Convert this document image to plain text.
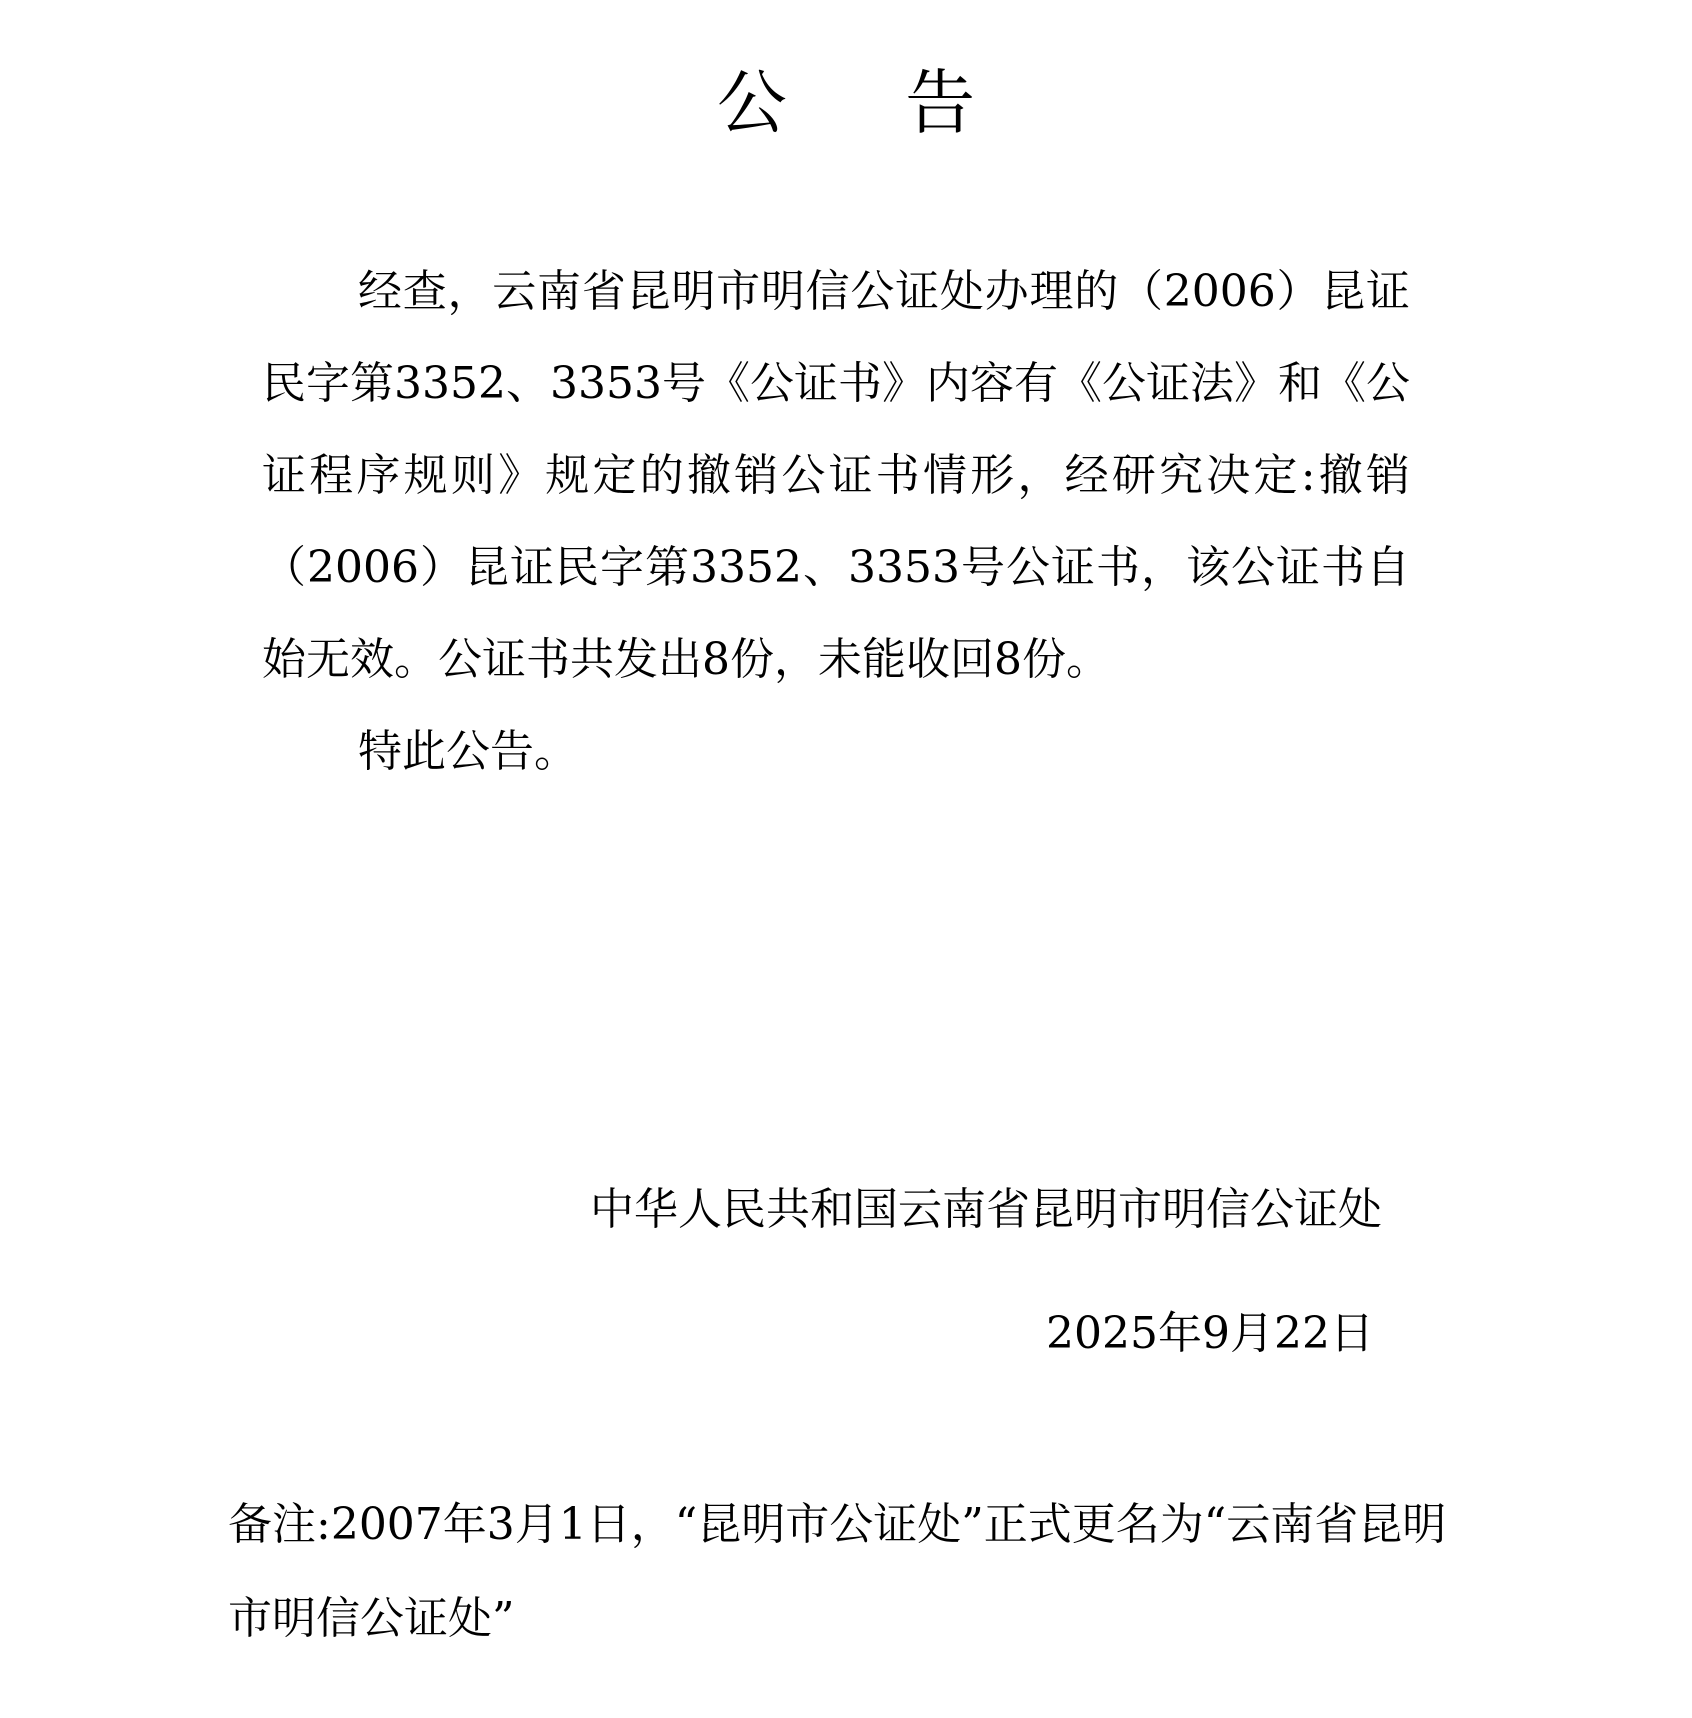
公 告

经查，云南省昆明市明信公证处办理的（2006）昆证民字第3352、3353号《公证书》内容有《公证法》和《公证程序规则》规定的撤销公证书情形，经研究决定:撤销（2006）昆证民字第3352、3353号公证书，该公证书自始无效。公证书共发出8份，未能收回8份。

特此公告。

中华人民共和国云南省昆明市明信公证处
2025年9月22日
备注:2007年3月1日，“昆明市公证处”正式更名为“云南省昆明市明信公证处”
